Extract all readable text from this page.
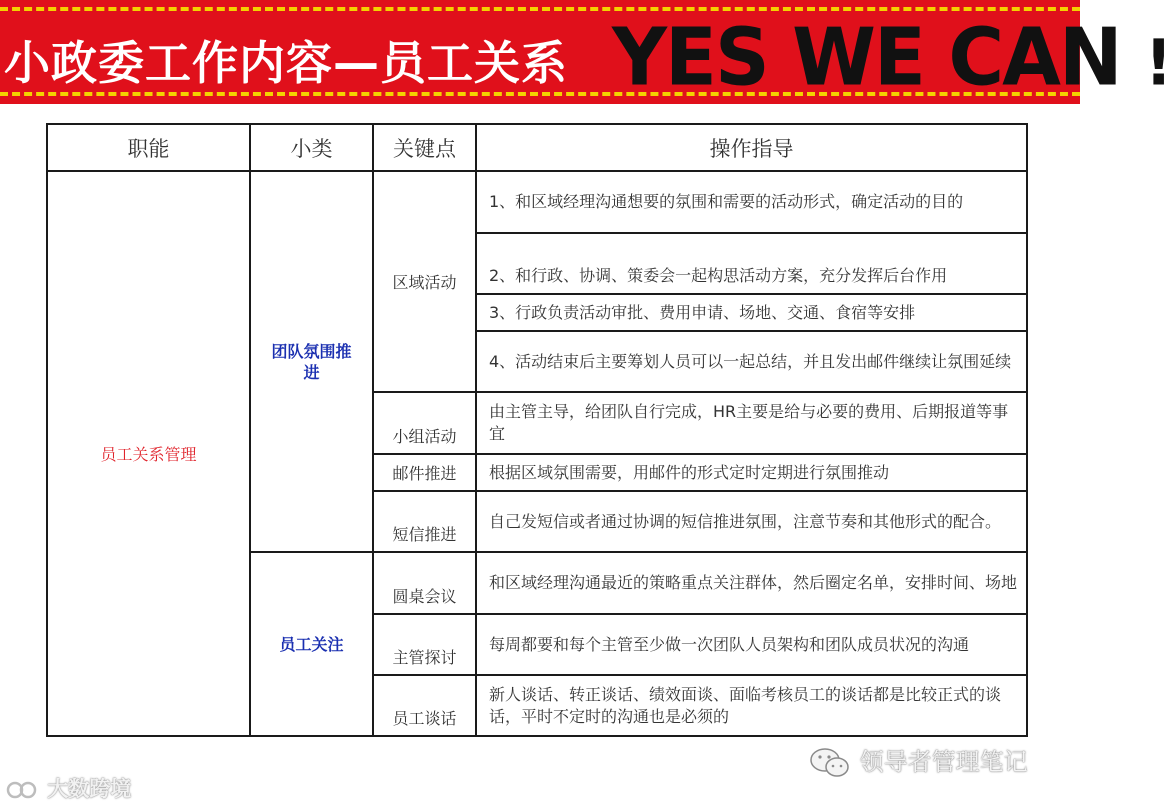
小政委工作内容—员工关系 YES WE CAN !
职能	小类	关键点	操作指导
员工关系管理	团队氛围推进	区域活动	1、和区域经理沟通想要的氛围和需要的活动形式，确定活动的目的
			2、和行政、协调、策委会一起构思活动方案，充分发挥后台作用
			3、行政负责活动审批、费用申请、场地、交通、食宿等安排
			4、活动结束后主要筹划人员可以一起总结，并且发出邮件继续让氛围延续
		小组活动	由主管主导，给团队自行完成，HR主要是给与必要的费用、后期报道等事宜
		邮件推进	根据区域氛围需要，用邮件的形式定时定期进行氛围推动
		短信推进	自己发短信或者通过协调的短信推进氛围，注意节奏和其他形式的配合。
	员工关注	圆桌会议	和区域经理沟通最近的策略重点关注群体，然后圈定名单，安排时间、场地
		主管探讨	每周都要和每个主管至少做一次团队人员架构和团队成员状况的沟通
		员工谈话	新人谈话、转正谈话、绩效面谈、面临考核员工的谈话都是比较正式的谈话，平时不定时的沟通也是必须的
大数跨境
领导者管理笔记
